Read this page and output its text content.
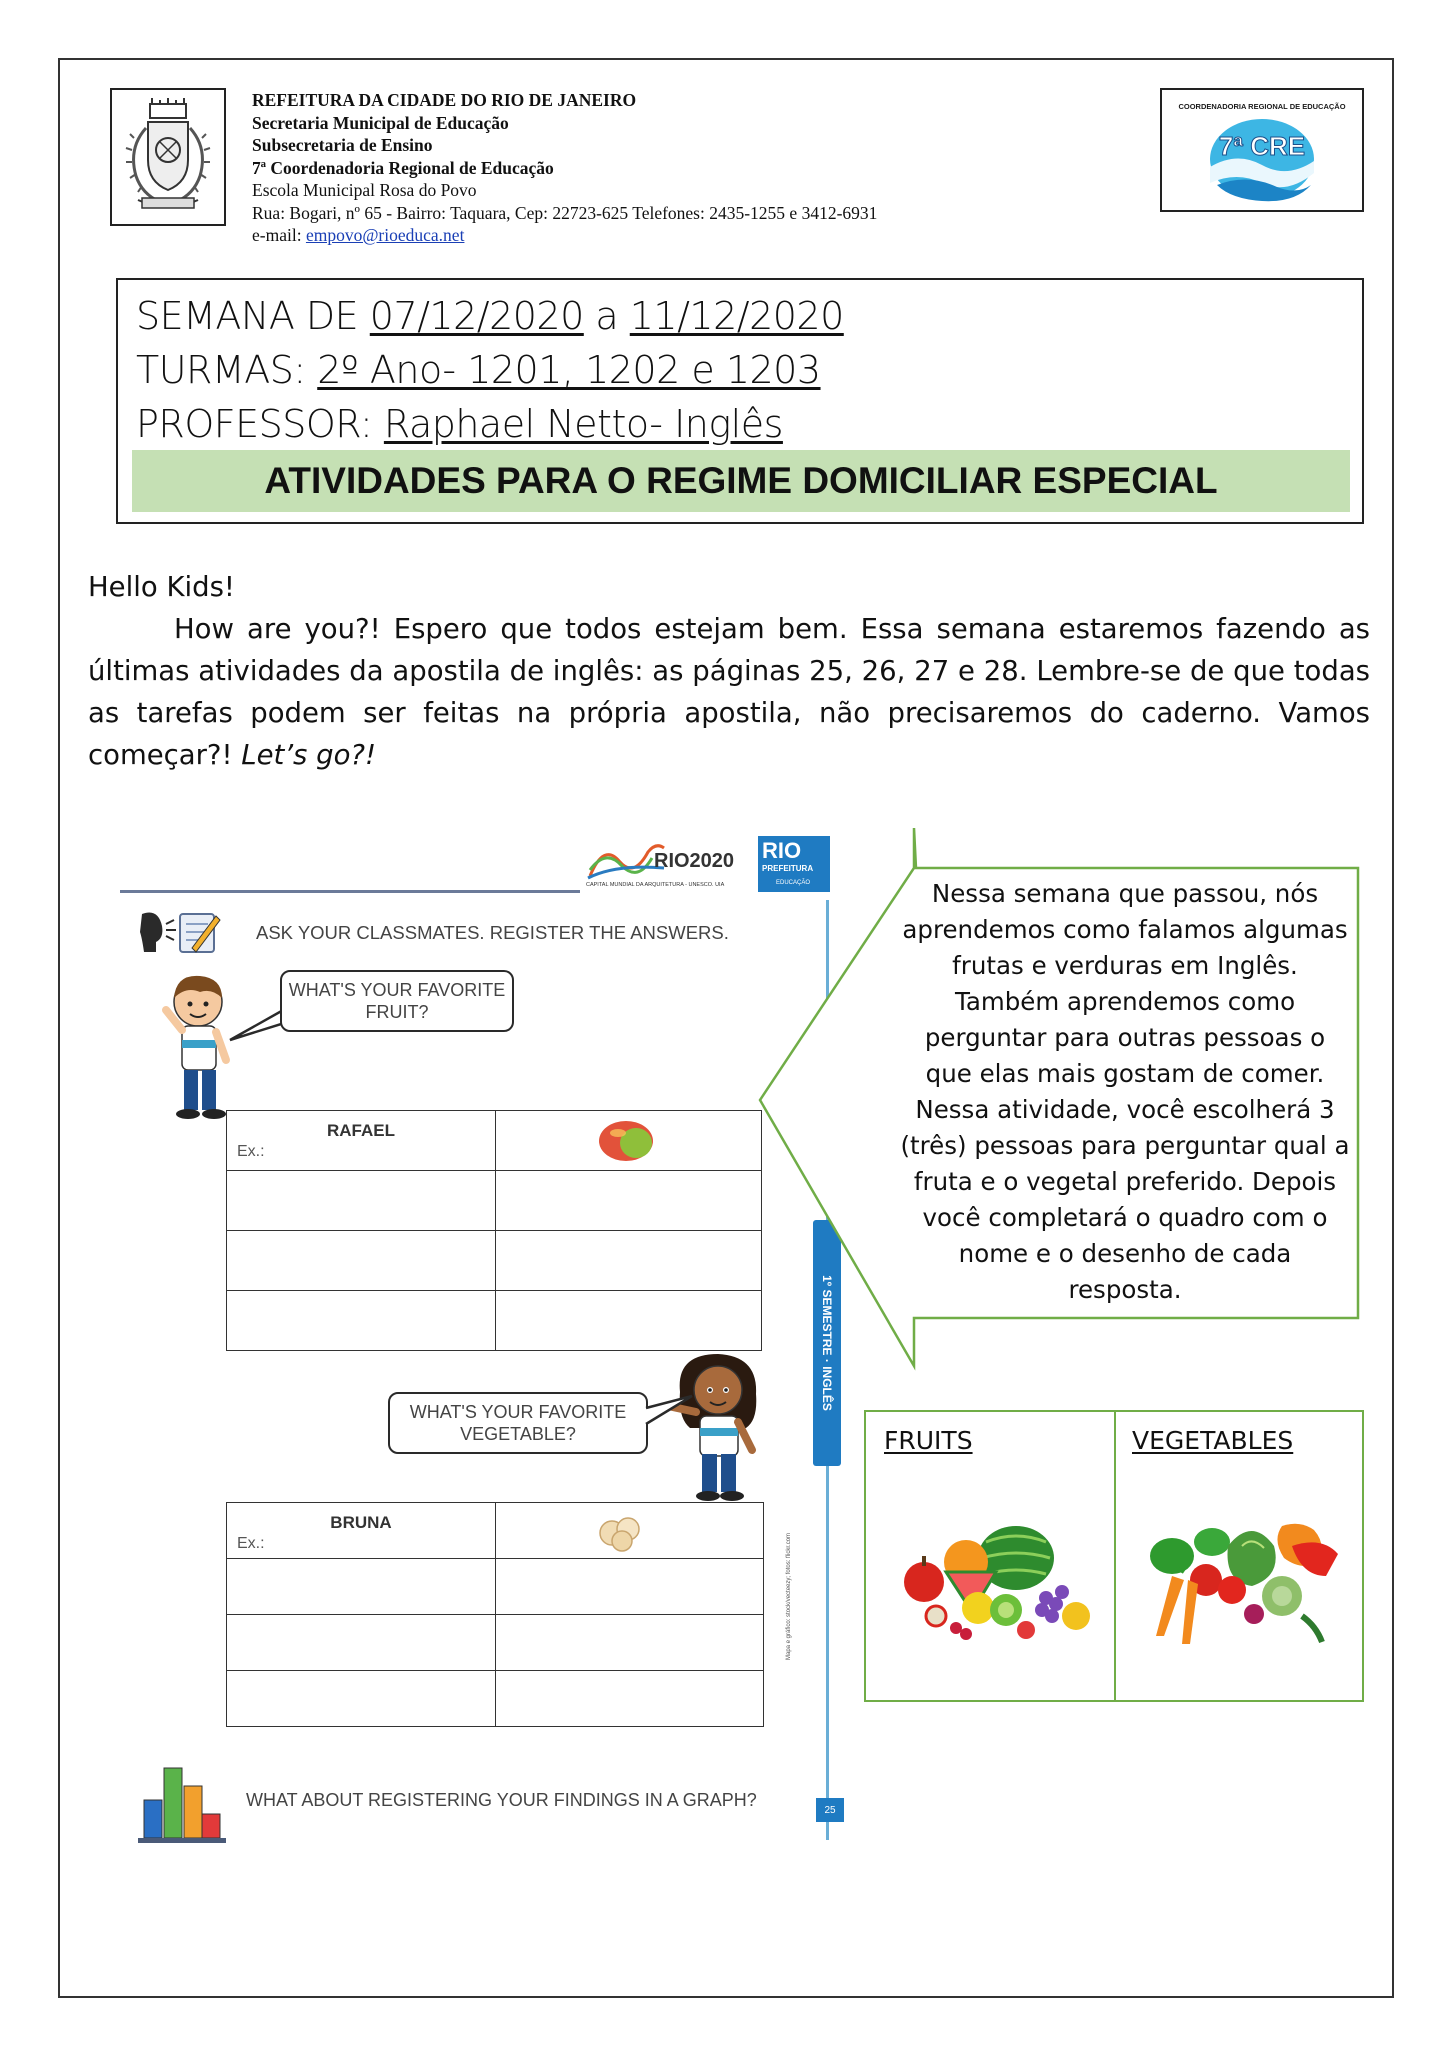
REFEITURA DA CIDADE DO RIO DE JANEIRO
Secretaria Municipal de Educação
Subsecretaria de Ensino
7ª Coordenadoria Regional de Educação
Escola Municipal Rosa do Povo
Rua: Bogari, nº 65 - Bairro: Taquara, Cep: 22723-625 Telefones: 2435-1255 e 3412-6931
e-mail: empovo@rioeduca.net
COORDENADORIA REGIONAL DE EDUCAÇÃO
7ª CRE
SEMANA DE 07/12/2020 a 11/12/2020
TURMAS: 2º Ano- 1201, 1202 e 1203
PROFESSOR: Raphael Netto- Inglês
ATIVIDADES PARA O REGIME DOMICILIAR ESPECIAL

Hello Kids!

How are you?! Espero que todos estejam bem. Essa semana estaremos fazendo as últimas atividades da apostila de inglês: as páginas 25, 26, 27 e 28. Lembre-se de que todas as tarefas podem ser feitas na própria apostila, não precisaremos do caderno. Vamos começar?! Let’s go?!

RIO2020
CAPITAL MUNDIAL DA ARQUITETURA - UNESCO. UIA
RIO
PREFEITURA
EDUCAÇÃO
ASK YOUR CLASSMATES. REGISTER THE ANSWERS.
WHAT'S YOUR FAVORITE FRUIT?
RAFAEL
Ex.:

WHAT'S YOUR FAVORITE VEGETABLE?
BRUNA
Ex.:

1º SEMESTRE · INGLÊS
Mapa e gráfico: stock/vecteezy; fotos: flickr.com
WHAT ABOUT REGISTERING YOUR FINDINGS IN A GRAPH?	25
Nessa semana que passou, nós aprendemos como falamos algumas frutas e verduras em Inglês. Também aprendemos como perguntar para outras pessoas o que elas mais gostam de comer. Nessa atividade, você escolherá 3 (três) pessoas para perguntar qual a fruta e o vegetal preferido. Depois você completará o quadro com o nome e o desenho de cada resposta.
FRUITS	VEGETABLES
